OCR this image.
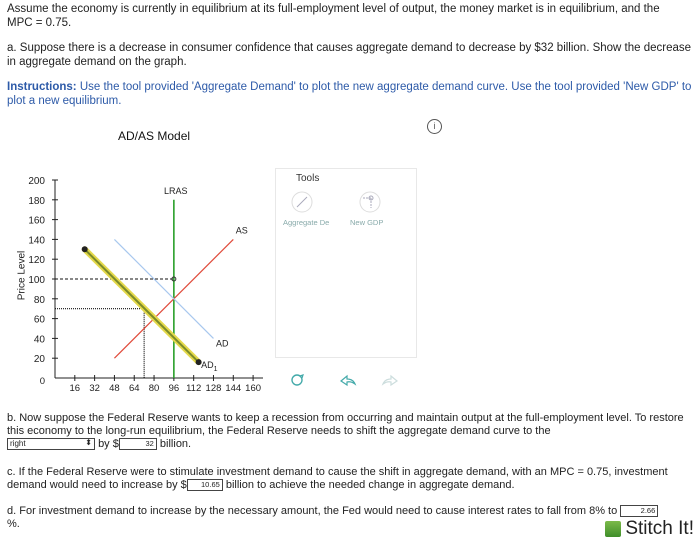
Assume the economy is currently in equilibrium at its full-employment level of output, the money market is in equilibrium, and the MPC = 0.75.
a. Suppose there is a decrease in consumer confidence that causes aggregate demand to decrease by $32 billion. Show the decrease in aggregate demand on the graph.
Instructions: Use the tool provided 'Aggregate Demand' to plot the new aggregate demand curve. Use the tool provided 'New GDP' to plot a new equilibrium.
i
AD/AS Model
Price Level
20
40
60
80
100
120
140
160
180
200
16 32 48 64 80 96 112 128 144 160
0
LRAS
AS
AD
$AD_1$
Tools
Aggregate De	New GDP
b. Now suppose the Federal Reserve wants to keep a recession from occurring and maintain output at the full-employment level. To restore this economy to the long-run equilibrium, the Federal Reserve needs to shift the aggregate demand curve to the
right	⬍ by $	32 billion.
c. If the Federal Reserve were to stimulate investment demand to cause the shift in aggregate demand, with an MPC = 0.75, investment demand would need to increase by $ 10.65 billion to achieve the needed change in aggregate demand.
d. For investment demand to increase by the necessary amount, the Fed would need to cause interest rates to fall from 8% to	2.66
%.	Stitch It!
